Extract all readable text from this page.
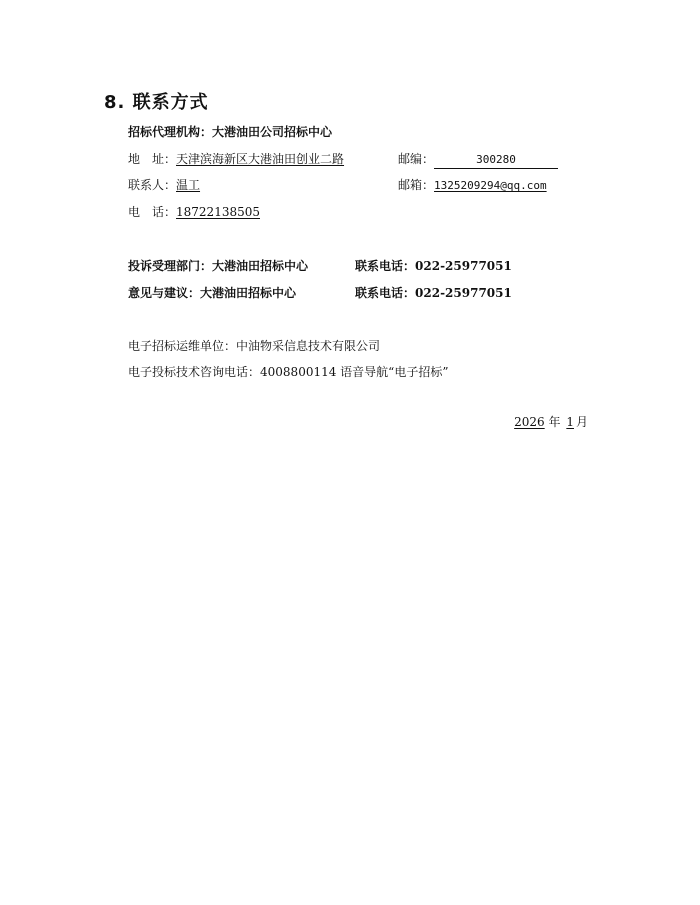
8. 联系方式
招标代理机构：大港油田公司招标中心
地　址：天津滨海新区大港油田创业二路	邮编：	300280
联系人：温工	邮箱：1325209294@qq.com
电　话：18722138505
投诉受理部门：大港油田招标中心	联系电话：022-25977051
意见与建议：大港油田招标中心	联系电话：022-25977051
电子招标运维单位：中油物采信息技术有限公司
电子投标技术咨询电话：4008800114 语音导航“电子招标”
2026 年 1 月
